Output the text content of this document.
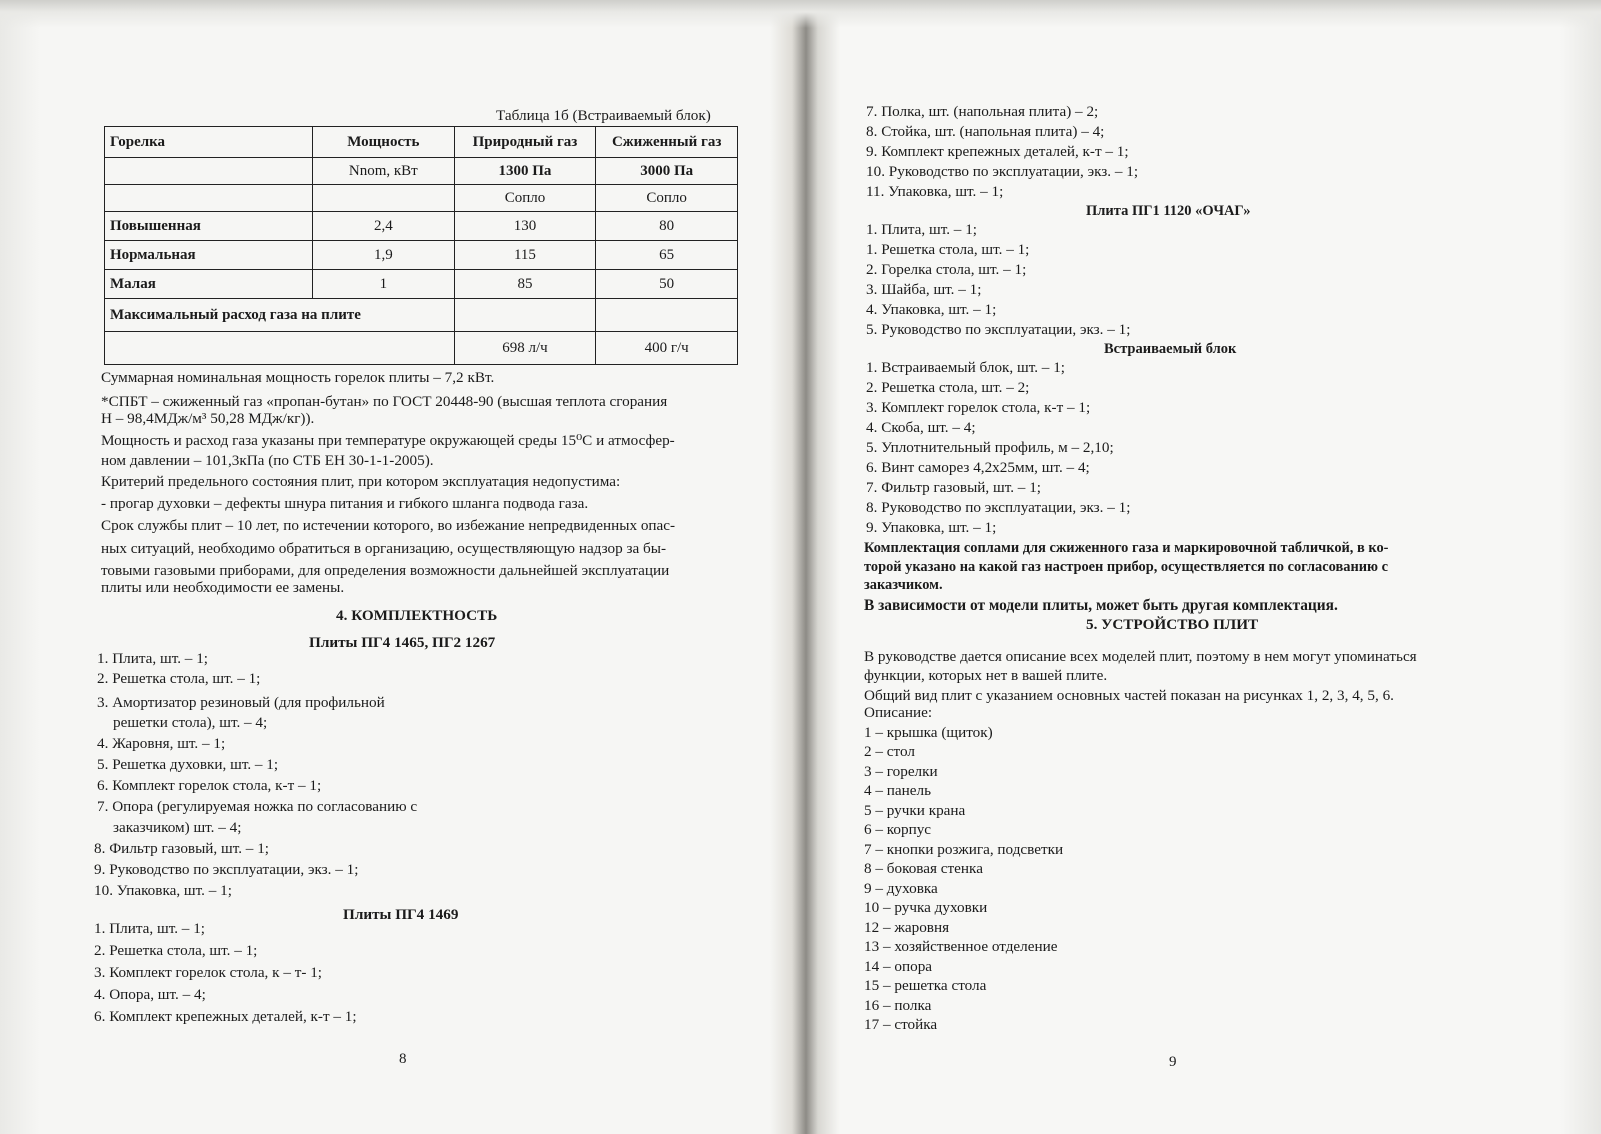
Таблица 1б (Встраиваемый блок)
Горелка	Мощность	Природный газ	Сжиженный газ
	Nnom, кВт	1300 Па	3000 Па
		Сопло	Сопло
Повышенная	2,4	130	80
Нормальная	1,9	115	65
Малая	1	85	50
Максимальный расход газа на плите			
		698 л/ч	400 г/ч
Суммарная номинальная мощность горелок плиты – 7,2 кВт.
*СПБТ – сжиженный газ «пропан-бутан» по ГОСТ 20448-90 (высшая теплота сгорания
Н – 98,4МДж/м³ 50,28 МДж/кг)).
Мощность и расход газа указаны при температуре окружающей среды 15⁰С и атмосфер-
ном давлении – 101,3кПа (по СТБ ЕН 30-1-1-2005).
Критерий предельного состояния плит, при котором эксплуатация недопустима:
- прогар духовки – дефекты шнура питания и гибкого шланга подвода газа.
Срок службы плит – 10 лет, по истечении которого, во избежание непредвиденных опас-
ных ситуаций, необходимо обратиться в организацию, осуществляющую надзор за бы-
товыми газовыми приборами, для определения возможности дальнейшей эксплуатации
плиты или необходимости ее замены.
4. КОМПЛЕКТНОСТЬ
Плиты ПГ4 1465, ПГ2 1267
1. Плита, шт. – 1;
2. Решетка стола, шт. – 1;
3. Амортизатор резиновый (для профильной
решетки стола), шт. – 4;
4. Жаровня, шт. – 1;
5. Решетка духовки, шт. – 1;
6. Комплект горелок стола, к-т – 1;
7. Опора (регулируемая ножка по согласованию с
заказчиком) шт. – 4;
8. Фильтр газовый, шт. – 1;
9. Руководство по эксплуатации, экз. – 1;
10. Упаковка, шт. – 1;
Плиты ПГ4 1469
1. Плита, шт. – 1;
2. Решетка стола, шт. – 1;
3. Комплект горелок стола, к – т- 1;
4. Опора, шт. – 4;
6. Комплект крепежных деталей, к-т – 1;
8
7. Полка, шт. (напольная плита) – 2;
8. Стойка, шт. (напольная плита) – 4;
9. Комплект крепежных деталей, к-т – 1;
10. Руководство по эксплуатации, экз. – 1;
11. Упаковка, шт. – 1;
Плита ПГ1 1120 «ОЧАГ»
1. Плита, шт. – 1;
1. Решетка стола, шт. – 1;
2. Горелка стола, шт. – 1;
3. Шайба, шт. – 1;
4. Упаковка, шт. – 1;
5. Руководство по эксплуатации, экз. – 1;
Встраиваемый блок
1. Встраиваемый блок, шт. – 1;
2. Решетка стола, шт. – 2;
3. Комплект горелок стола, к-т – 1;
4. Скоба, шт. – 4;
5. Уплотнительный профиль, м – 2,10;
6. Винт саморез 4,2x25мм, шт. – 4;
7. Фильтр газовый, шт. – 1;
8. Руководство по эксплуатации, экз. – 1;
9. Упаковка, шт. – 1;
Комплектация соплами для сжиженного газа и маркировочной табличкой, в ко-
торой указано на какой газ настроен прибор, осуществляется по согласованию с
заказчиком.
В зависимости от модели плиты, может быть другая комплектация.
5. УСТРОЙСТВО ПЛИТ
В руководстве дается описание всех моделей плит, поэтому в нем могут упоминаться
функции, которых нет в вашей плите.
Общий вид плит с указанием основных частей показан на рисунках 1, 2, 3, 4, 5, 6.
Описание:
1 – крышка (щиток)
2 – стол
3 – горелки
4 – панель
5 – ручки крана
6 – корпус
7 – кнопки розжига, подсветки
8 – боковая стенка
9 – духовка
10 – ручка духовки
12 – жаровня
13 – хозяйственное отделение
14 – опора
15 – решетка стола
16 – полка
17 – стойка
9
